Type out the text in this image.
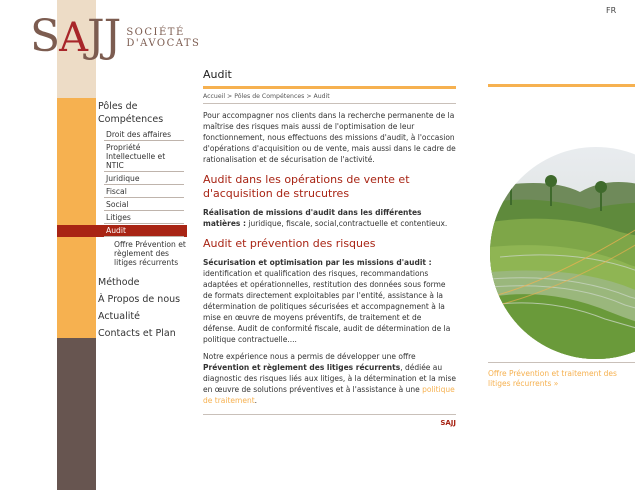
SAJJ SOCIÉTÉ
D'AVOCATS
FR
Pôles de Compétences
Droit des affaires
Propriété Intellectuelle et NTIC
Juridique
Fiscal
Social
Litiges
Audit
Offre Prévention et règlement des litiges récurrents
Méthode
À Propos de nous
Actualité
Contacts et Plan
Audit
Accueil > Pôles de Compétences > Audit
Pour accompagner nos clients dans la recherche permanente de la maîtrise des risques mais aussi de l'optimisation de leur fonctionnement, nous effectuons des missions d'audit, à l'occasion d'opérations d'acquisition ou de vente, mais aussi dans le cadre de rationalisation et de sécurisation de l'activité.
Audit dans les opérations de vente et d'acquisition de strucutres
Réalisation de missions d'audit dans les différentes matières : juridique, fiscale, social,contractuelle et contentieux.
Audit et prévention des risques
Sécurisation et optimisation par les missions d'audit : identification et qualification des risques, recommandations adaptées et opérationnelles, restitution des données sous forme de formats directement exploitables par l'entité, assistance à la détermination de politiques sécurisées et accompagnement à la mise en œuvre de moyens préventifs, de traitement et de défense. Audit de conformité fiscale, audit de détermination de la politique contractuelle....
Notre expérience nous a permis de développer une offre Prévention et règlement des litiges récurrents, dédiée au diagnostic des risques liés aux litiges, à la détermination et la mise en œuvre de solutions préventives et à l'assistance à une politique de traitement.
SAJJ
Offre Prévention et traitement des litiges récurrents »
